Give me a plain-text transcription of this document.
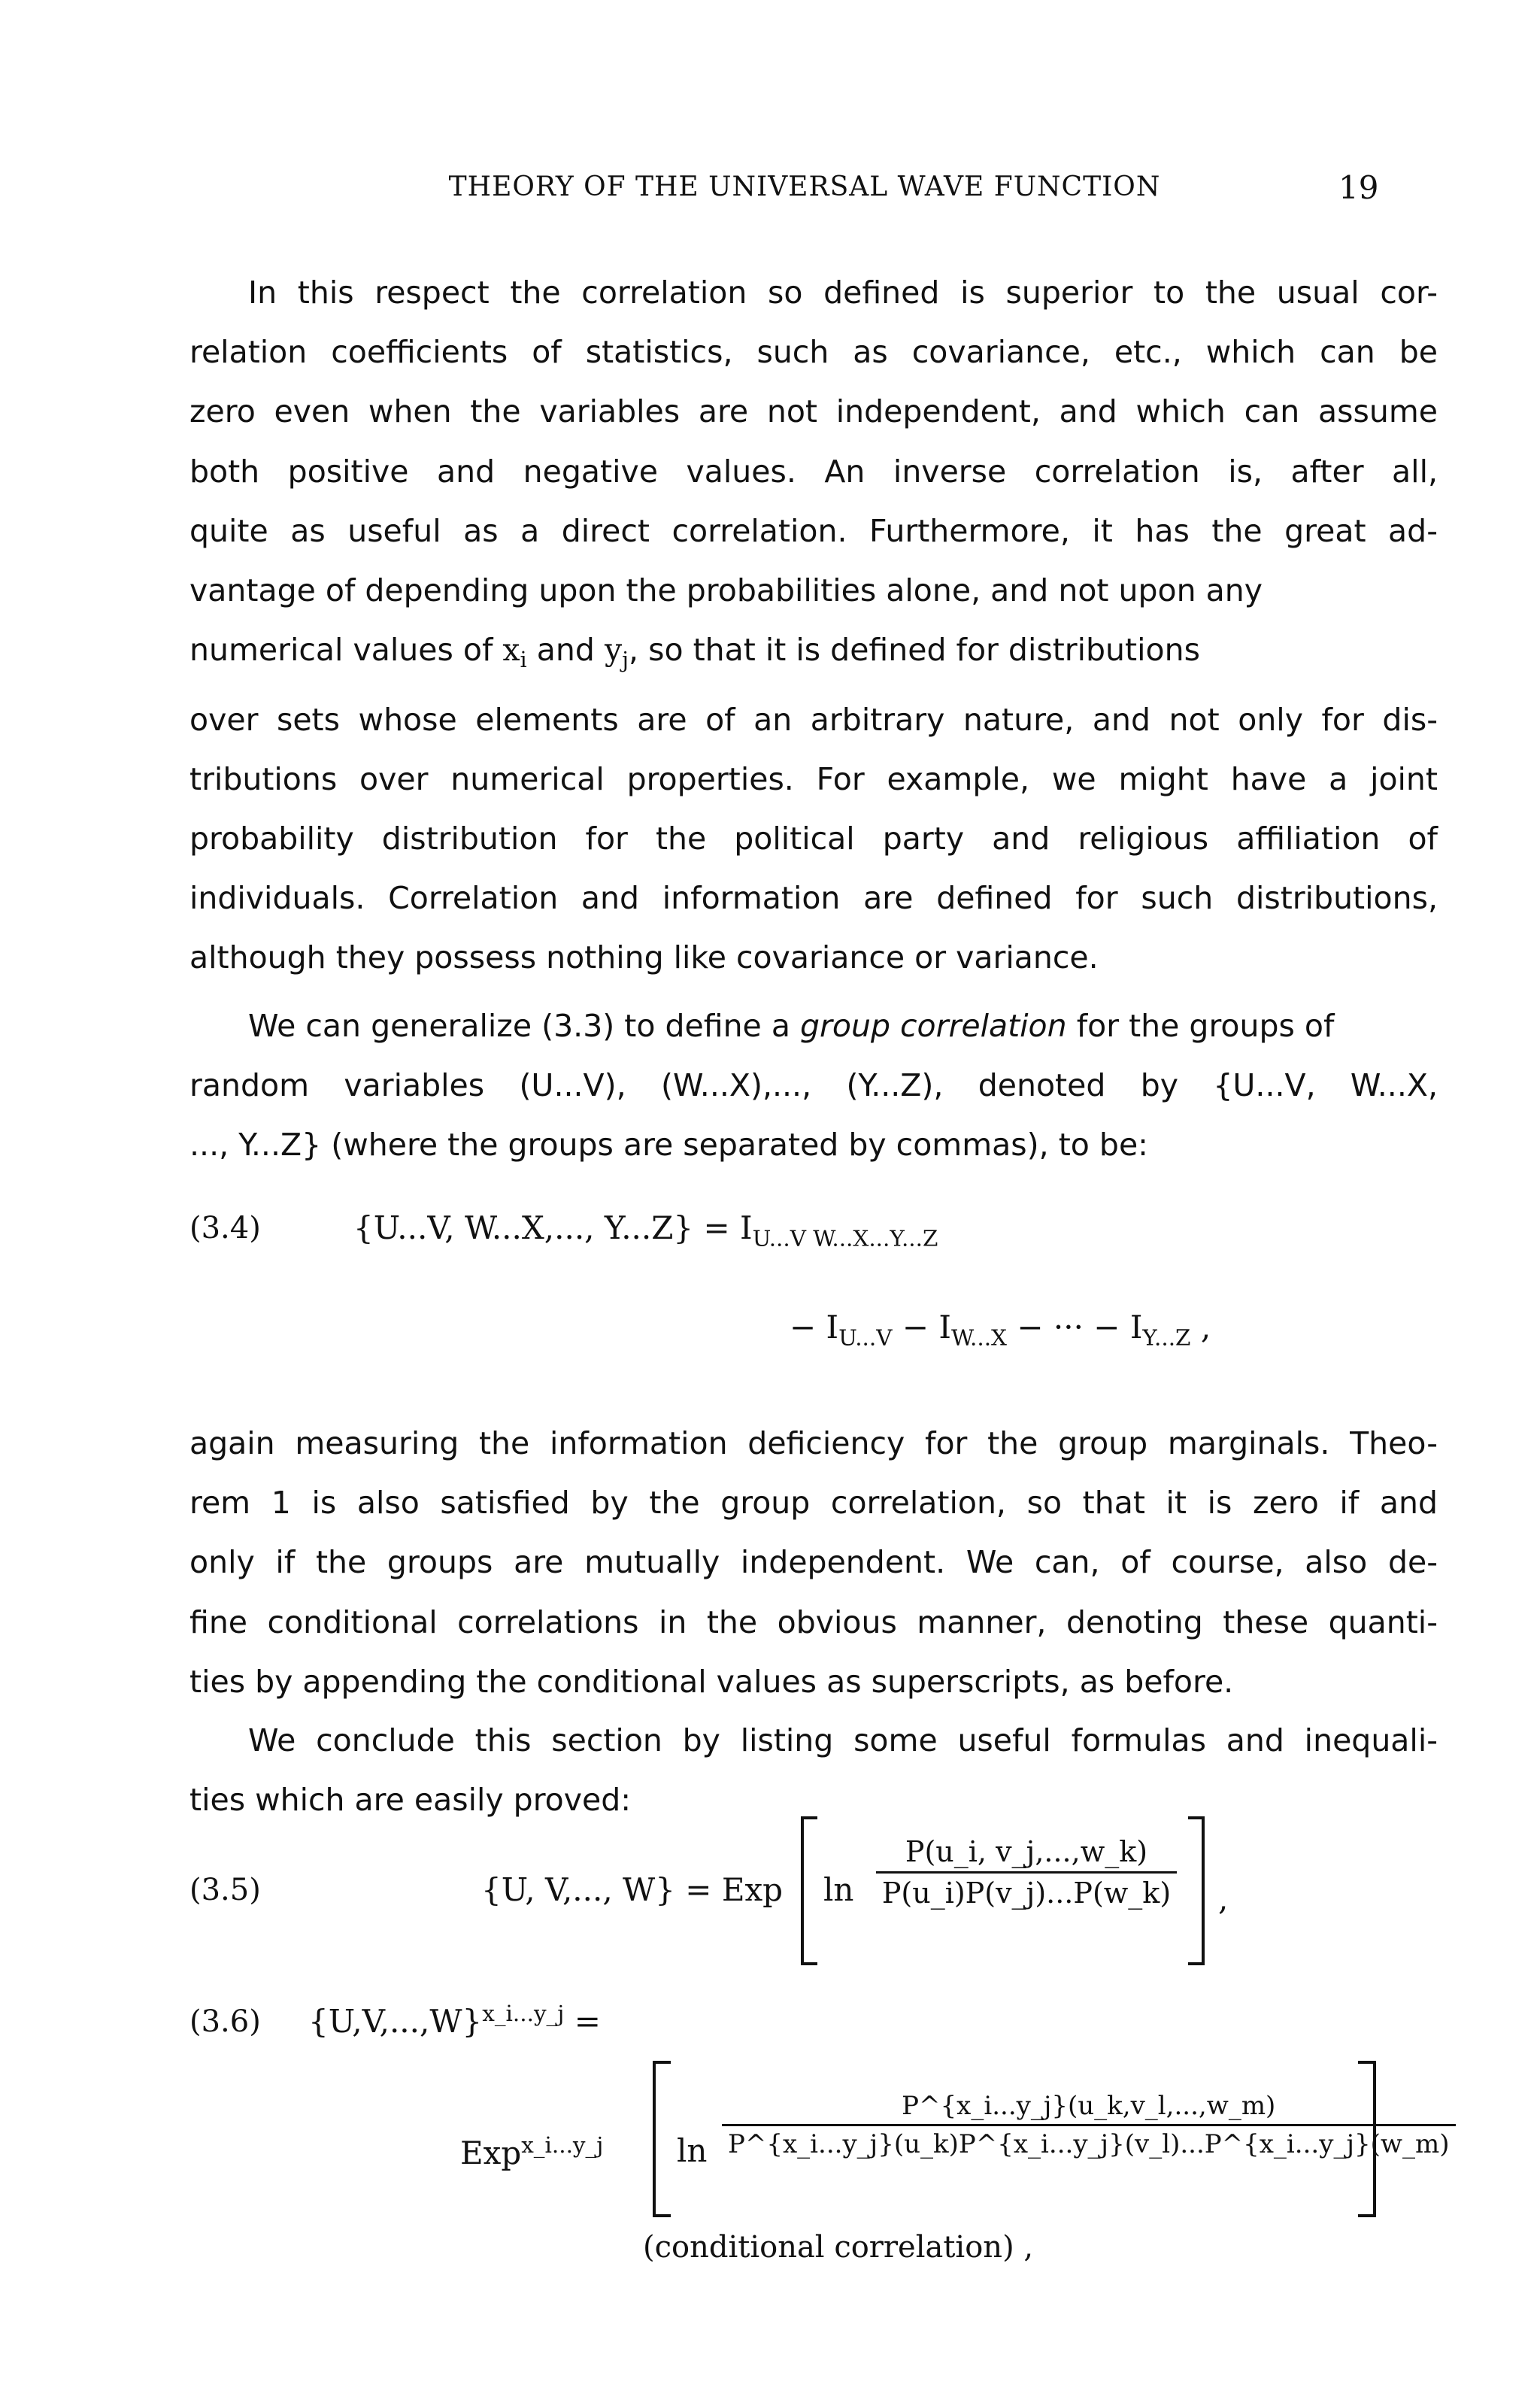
THEORY OF THE UNIVERSAL WAVE FUNCTION	19
In this respect the correlation so defined is superior to the usual cor-
relation coefficients of statistics, such as covariance, etc., which can be
zero even when the variables are not independent, and which can assume
both positive and negative values. An inverse correlation is, after all,
quite as useful as a direct correlation. Furthermore, it has the great ad-
vantage of depending upon the probabilities alone, and not upon any
numerical values of $x_i$ and $y_j$, so that it is defined for distributions
over sets whose elements are of an arbitrary nature, and not only for dis-
tributions over numerical properties. For example, we might have a joint
probability distribution for the political party and religious affiliation of
individuals. Correlation and information are defined for such distributions,
although they possess nothing like covariance or variance.
We can generalize (3.3) to define a group correlation for the groups of
random variables (U...V), (W...X),..., (Y...Z), denoted by {U...V, W...X,
..., Y...Z} (where the groups are separated by commas), to be:
(3.4)	{U...V, W...X,..., $Y...Z\} = I_{U...V W...X...Y...Z}$
− $I_{U...V} - I_{W...X}$ − ··· − $I_{Y...Z}$ ,
again measuring the information deficiency for the group marginals. Theo-
rem 1 is also satisfied by the group correlation, so that it is zero if and
only if the groups are mutually independent. We can, of course, also de-
fine conditional correlations in the obvious manner, denoting these quanti-
ties by appending the conditional values as superscripts, as before.
We conclude this section by listing some useful formulas and inequali-
ties which are easily proved:
(3.5)	{U, V,..., W} = Exp $\ln \frac{P(u\_i, v\_j,...,w\_k)}{P(u\_i)P(v\_j)...P(w\_k)}$ ,
(3.6) $\{U,V,...,W\}^{x\_i...y\_j}$ =
Exp$^{x\_i...y\_j}$ $\ln \frac{P\^{}\{x\_i...y\_j\}(u\_k,v\_l,...,w\_m)}{P\^{}\{x\_i...y\_j\}(u\_k)P\^{}\{x\_i...y\_j\}(v\_l)...P\^{}\{x\_i...y\_j\}(w\_m)}$
(conditional correlation) ,
